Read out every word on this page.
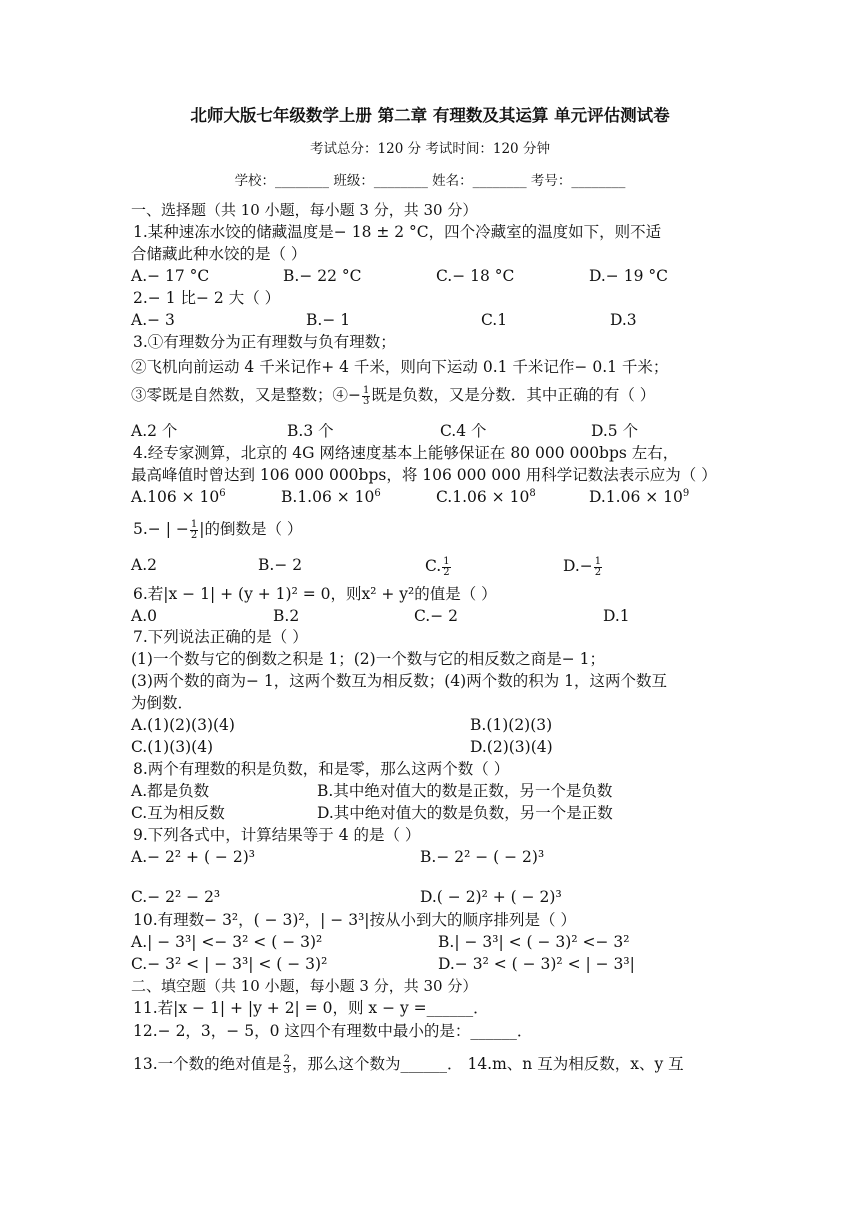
北师大版七年级数学上册 第二章 有理数及其运算 单元评估测试卷
考试总分：120 分 考试时间：120 分钟
学校：________ 班级：________ 姓名：________ 考号：________
一、选择题（共 10 小题，每小题 3 分，共 30 分）
1.某种速冻水饺的储藏温度是− 18 ± 2 °C，四个冷藏室的温度如下，则不适
合储藏此种水饺的是（ ）
A.− 17 °C	B.− 22 °C	C.− 18 °C	D.− 19 °C
2.− 1 比− 2 大（ ）
A.− 3	B.− 1	C.1	D.3
3.①有理数分为正有理数与负有理数；
②飞机向前运动 4 千米记作+ 4 千米，则向下运动 0.1 千米记作− 0.1 千米；
③零既是自然数，又是整数；④− $\frac{1}{3}$ 既是负数，又是分数．其中正确的有（ ）
A.2 个	B.3 个	C.4 个	D.5 个
4.经专家测算，北京的 4G 网络速度基本上能够保证在 80 000 000bps 左右，
最高峰值时曾达到 106 000 000bps，将 106 000 000 用科学记数法表示应为（ ）
$A.106 \times 10^6$	$B.1.06 \times 10^6$	$C.1.06 \times 10^8$	$D.1.06 \times 10^9$
5.− | − $\frac{1}{2}$ |的倒数是（ ）
A.2	B.− 2	C. $\frac{1}{2}$	$D.- \frac{1}{2}$
6.若|x − 1| + (y + 1)² = 0，则x² + y²的值是（ ）
A.0	B.2	C.− 2	D.1
7.下列说法正确的是（ ）
(1)一个数与它的倒数之积是 1；(2)一个数与它的相反数之商是− 1；
(3)两个数的商为− 1，这两个数互为相反数；(4)两个数的积为 1，这两个数互
为倒数．
A.(1)(2)(3)(4)	B.(1)(2)(3)
C.(1)(3)(4)	D.(2)(3)(4)
8.两个有理数的积是负数，和是零，那么这两个数（ ）
A.都是负数	B.其中绝对值大的数是正数，另一个是负数
C.互为相反数	D.其中绝对值大的数是负数，另一个是正数
9.下列各式中，计算结果等于 4 的是（ ）
A.− 2² + ( − 2)³	B.− 2² − ( − 2)³
C.− 2² − 2³	D.( − 2)² + ( − 2)³
10.有理数− 3²，( − 3)²，| − 3³|按从小到大的顺序排列是（ ）
A.| − 3³| <− 3² < ( − 3)²	B.| − 3³| < ( − 3)² <− 3²
C.− 3² < | − 3³| < ( − 3)²	D.− 3² < ( − 3)² < | − 3³|
二、填空题（共 10 小题，每小题 3 分，共 30 分）
11.若|x − 1| + |y + 2| = 0，则 x − y =______．
12.− 2，3，− 5，0 这四个有理数中最小的是：______．
13.一个数的绝对值是 $\frac{2}{3}$ ，那么这个数为______． 14.m、n 互为相反数，x、y 互
